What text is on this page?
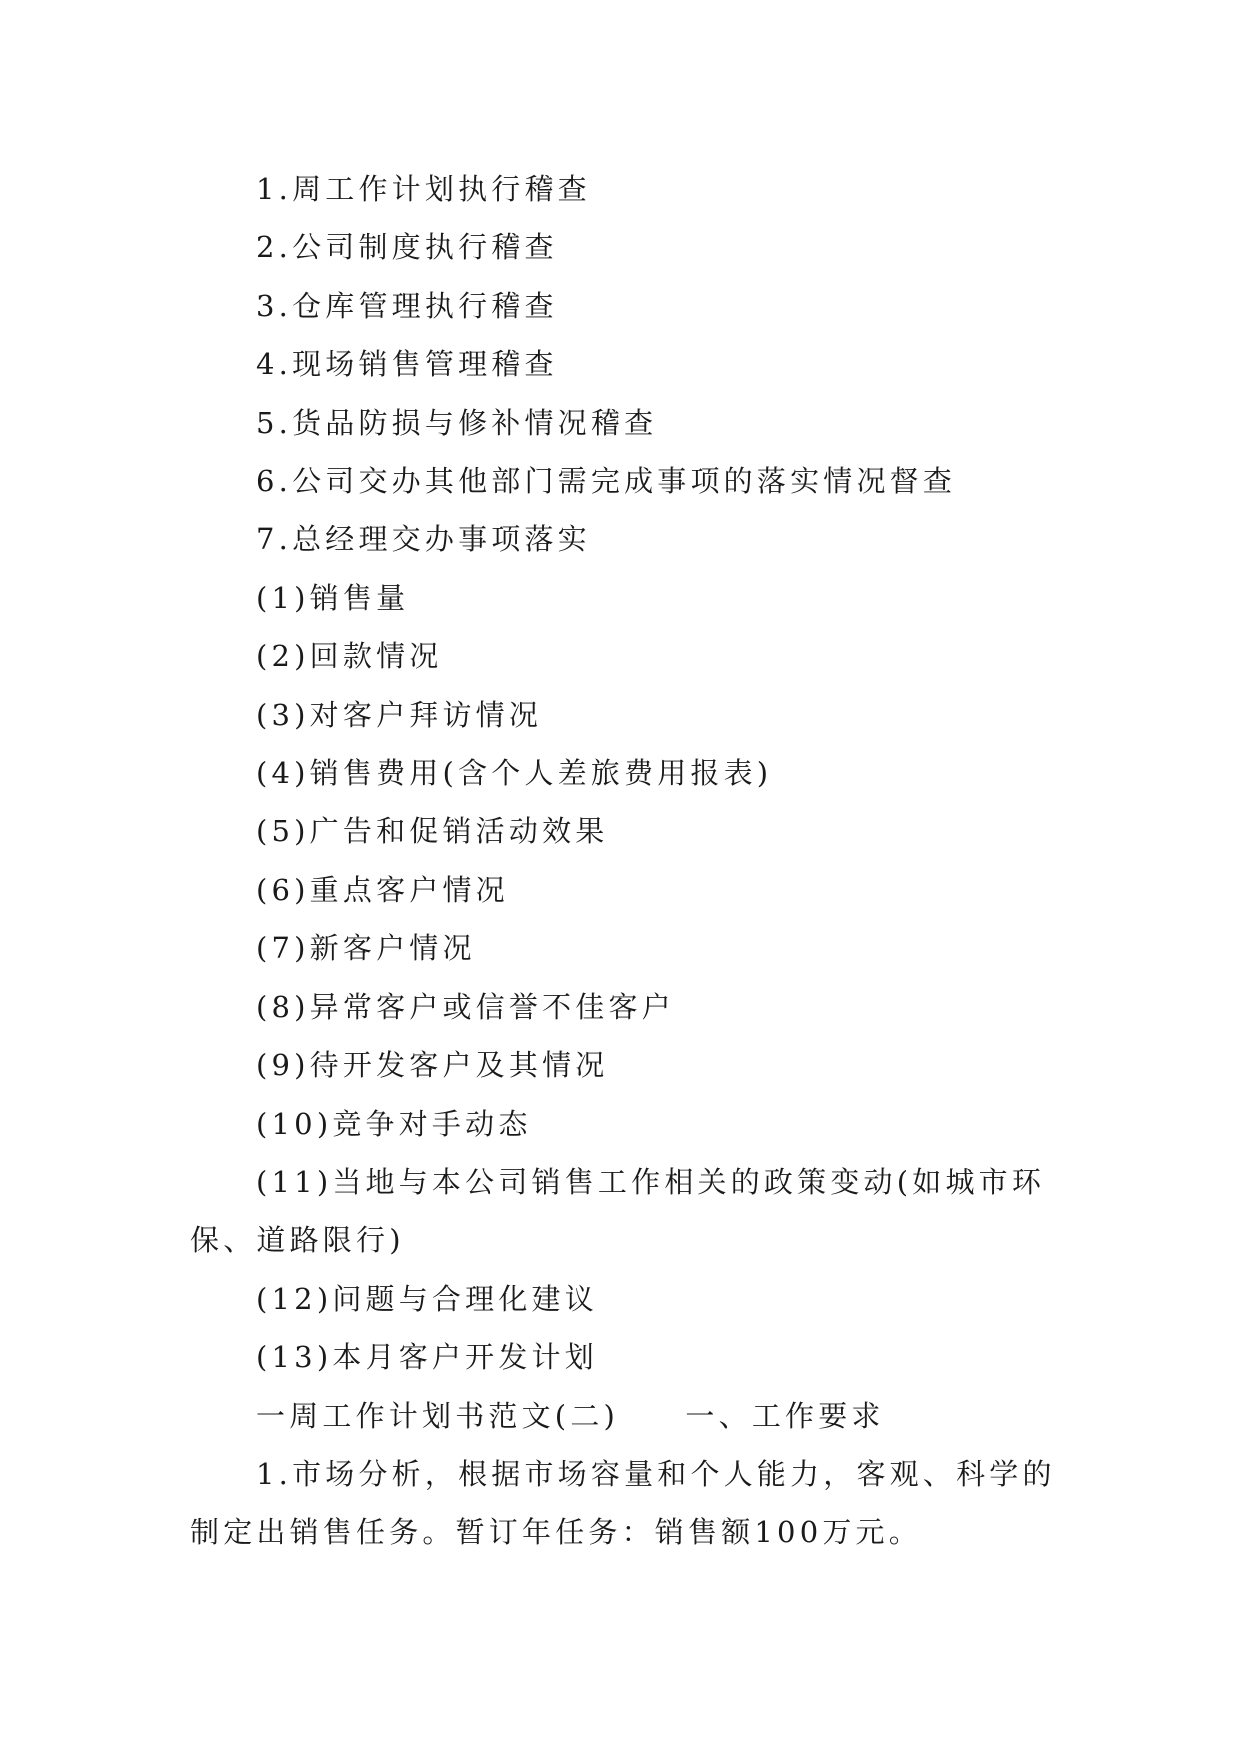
1.周工作计划执行稽查

2.公司制度执行稽查

3.仓库管理执行稽查

4.现场销售管理稽查

5.货品防损与修补情况稽查

6.公司交办其他部门需完成事项的落实情况督查

7.总经理交办事项落实

(1)销售量

(2)回款情况

(3)对客户拜访情况

(4)销售费用(含个人差旅费用报表)

(5)广告和促销活动效果

(6)重点客户情况

(7)新客户情况

(8)异常客户或信誉不佳客户

(9)待开发客户及其情况

(10)竞争对手动态

(11)当地与本公司销售工作相关的政策变动(如城市环保、道路限行)

(12)问题与合理化建议

(13)本月客户开发计划

一周工作计划书范文(二)　　一、工作要求

1.市场分析，根据市场容量和个人能力，客观、科学的制定出销售任务。暂订年任务：销售额100万元。
